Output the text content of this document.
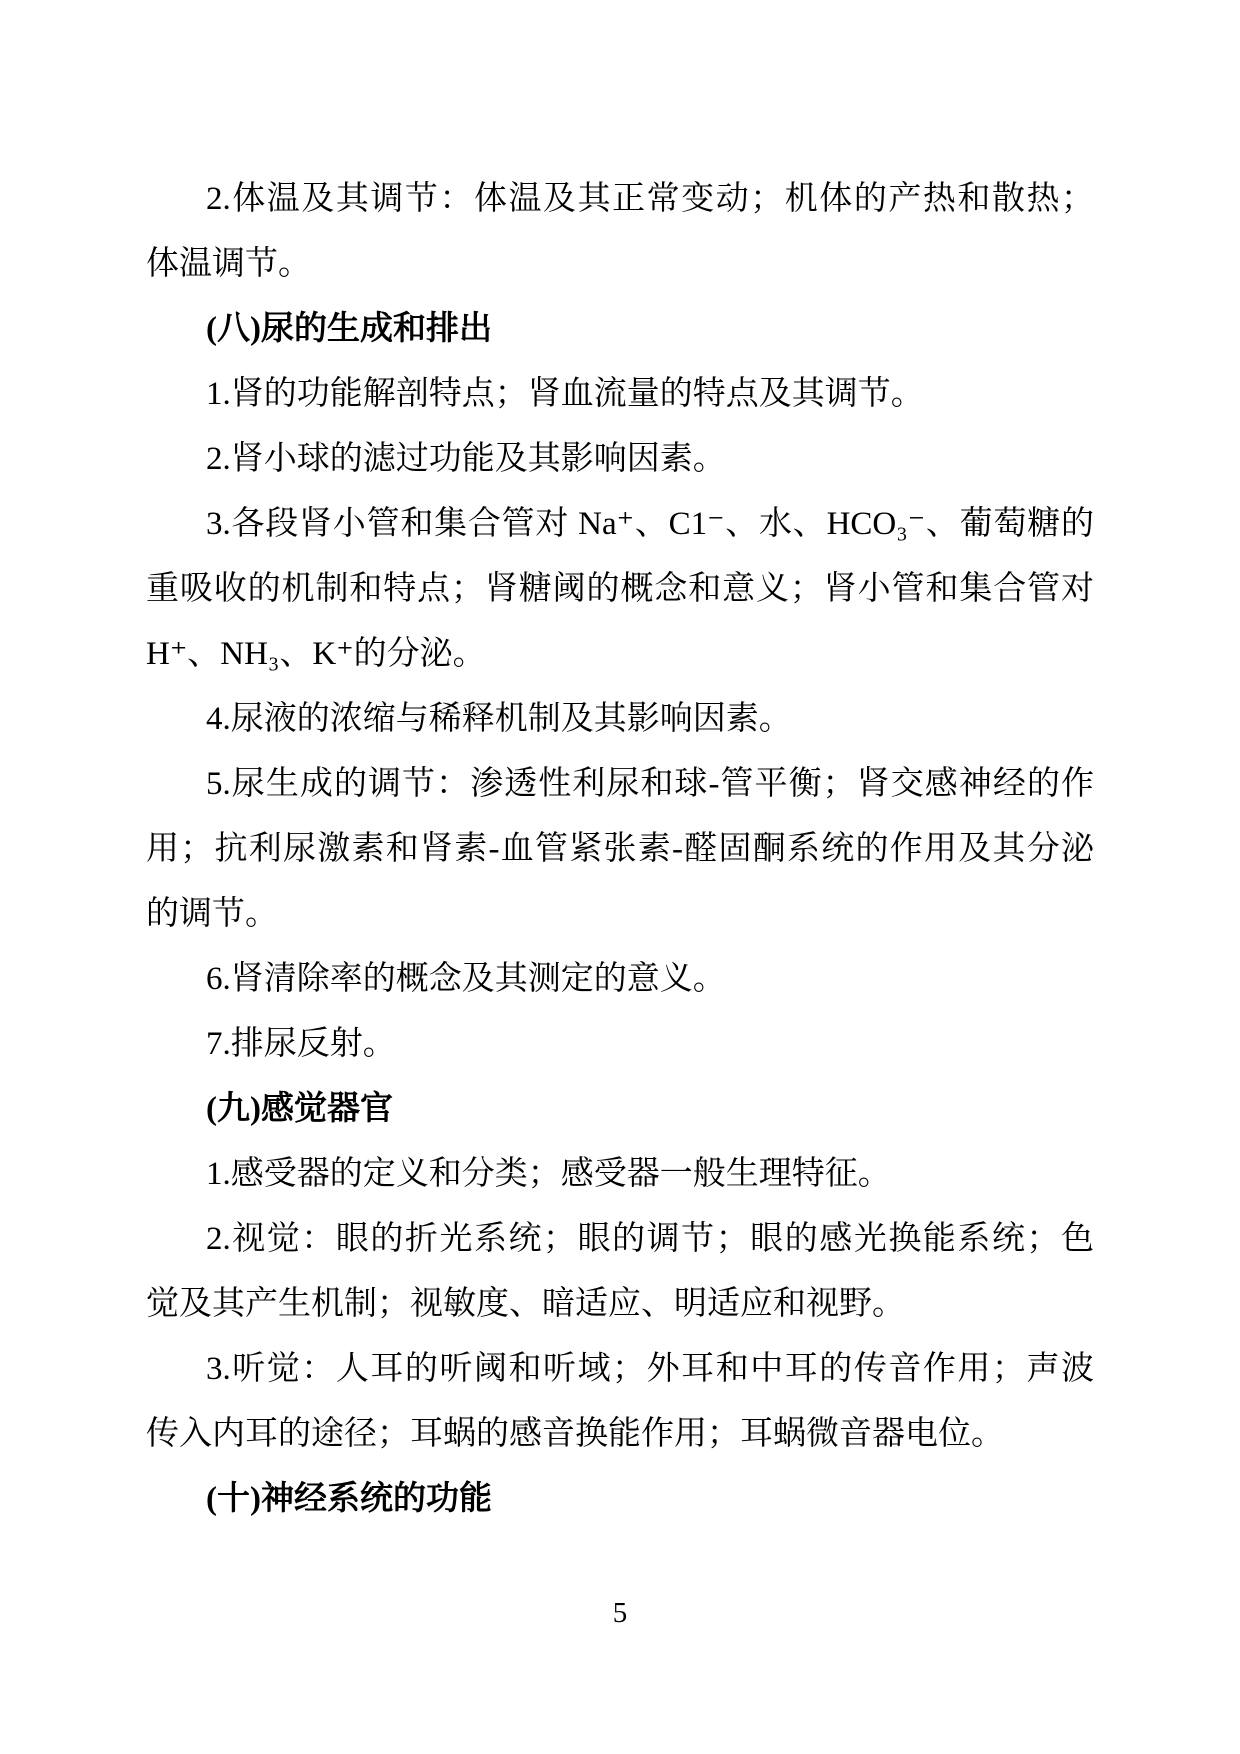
2.体温及其调节：体温及其正常变动；机体的产热和散热；
体温调节。
(八)尿的生成和排出
1.肾的功能解剖特点；肾血流量的特点及其调节。
2.肾小球的滤过功能及其影响因素。
3.各段肾小管和集合管对 Na⁺、C1⁻、水、HCO₃⁻、葡萄糖的
重吸收的机制和特点；肾糖阈的概念和意义；肾小管和集合管对
H⁺、NH₃、K⁺的分泌。
4.尿液的浓缩与稀释机制及其影响因素。
5.尿生成的调节：渗透性利尿和球-管平衡；肾交感神经的作
用；抗利尿激素和肾素-血管紧张素-醛固酮系统的作用及其分泌
的调节。
6.肾清除率的概念及其测定的意义。
7.排尿反射。
(九)感觉器官
1.感受器的定义和分类；感受器一般生理特征。
2.视觉：眼的折光系统；眼的调节；眼的感光换能系统；色
觉及其产生机制；视敏度、暗适应、明适应和视野。
3.听觉：人耳的听阈和听域；外耳和中耳的传音作用；声波
传入内耳的途径；耳蜗的感音换能作用；耳蜗微音器电位。
(十)神经系统的功能
5
